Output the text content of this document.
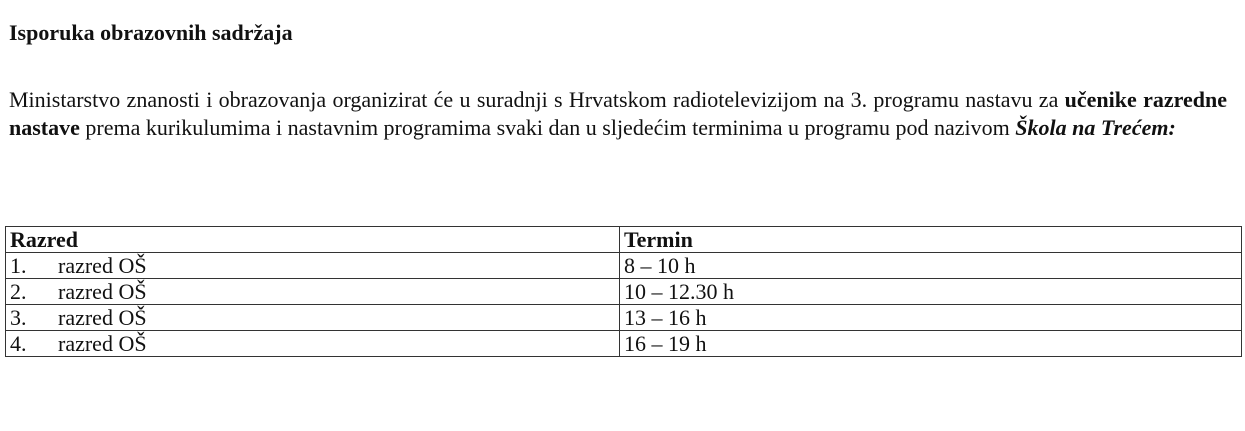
Isporuka obrazovnih sadržaja

Ministarstvo znanosti i obrazovanja organizirat će u suradnji s Hrvatskom radiotelevizijom na 3. programu nastavu za učenike razredne nastave prema kurikulumima i nastavnim programima svaki dan u sljedećim terminima u programu pod nazivom Škola na Trećem:

Razred	Termin
1. razred OŠ	8 – 10 h
2. razred OŠ	10 – 12.30 h
3. razred OŠ	13 – 16 h
4. razred OŠ	16 – 19 h
